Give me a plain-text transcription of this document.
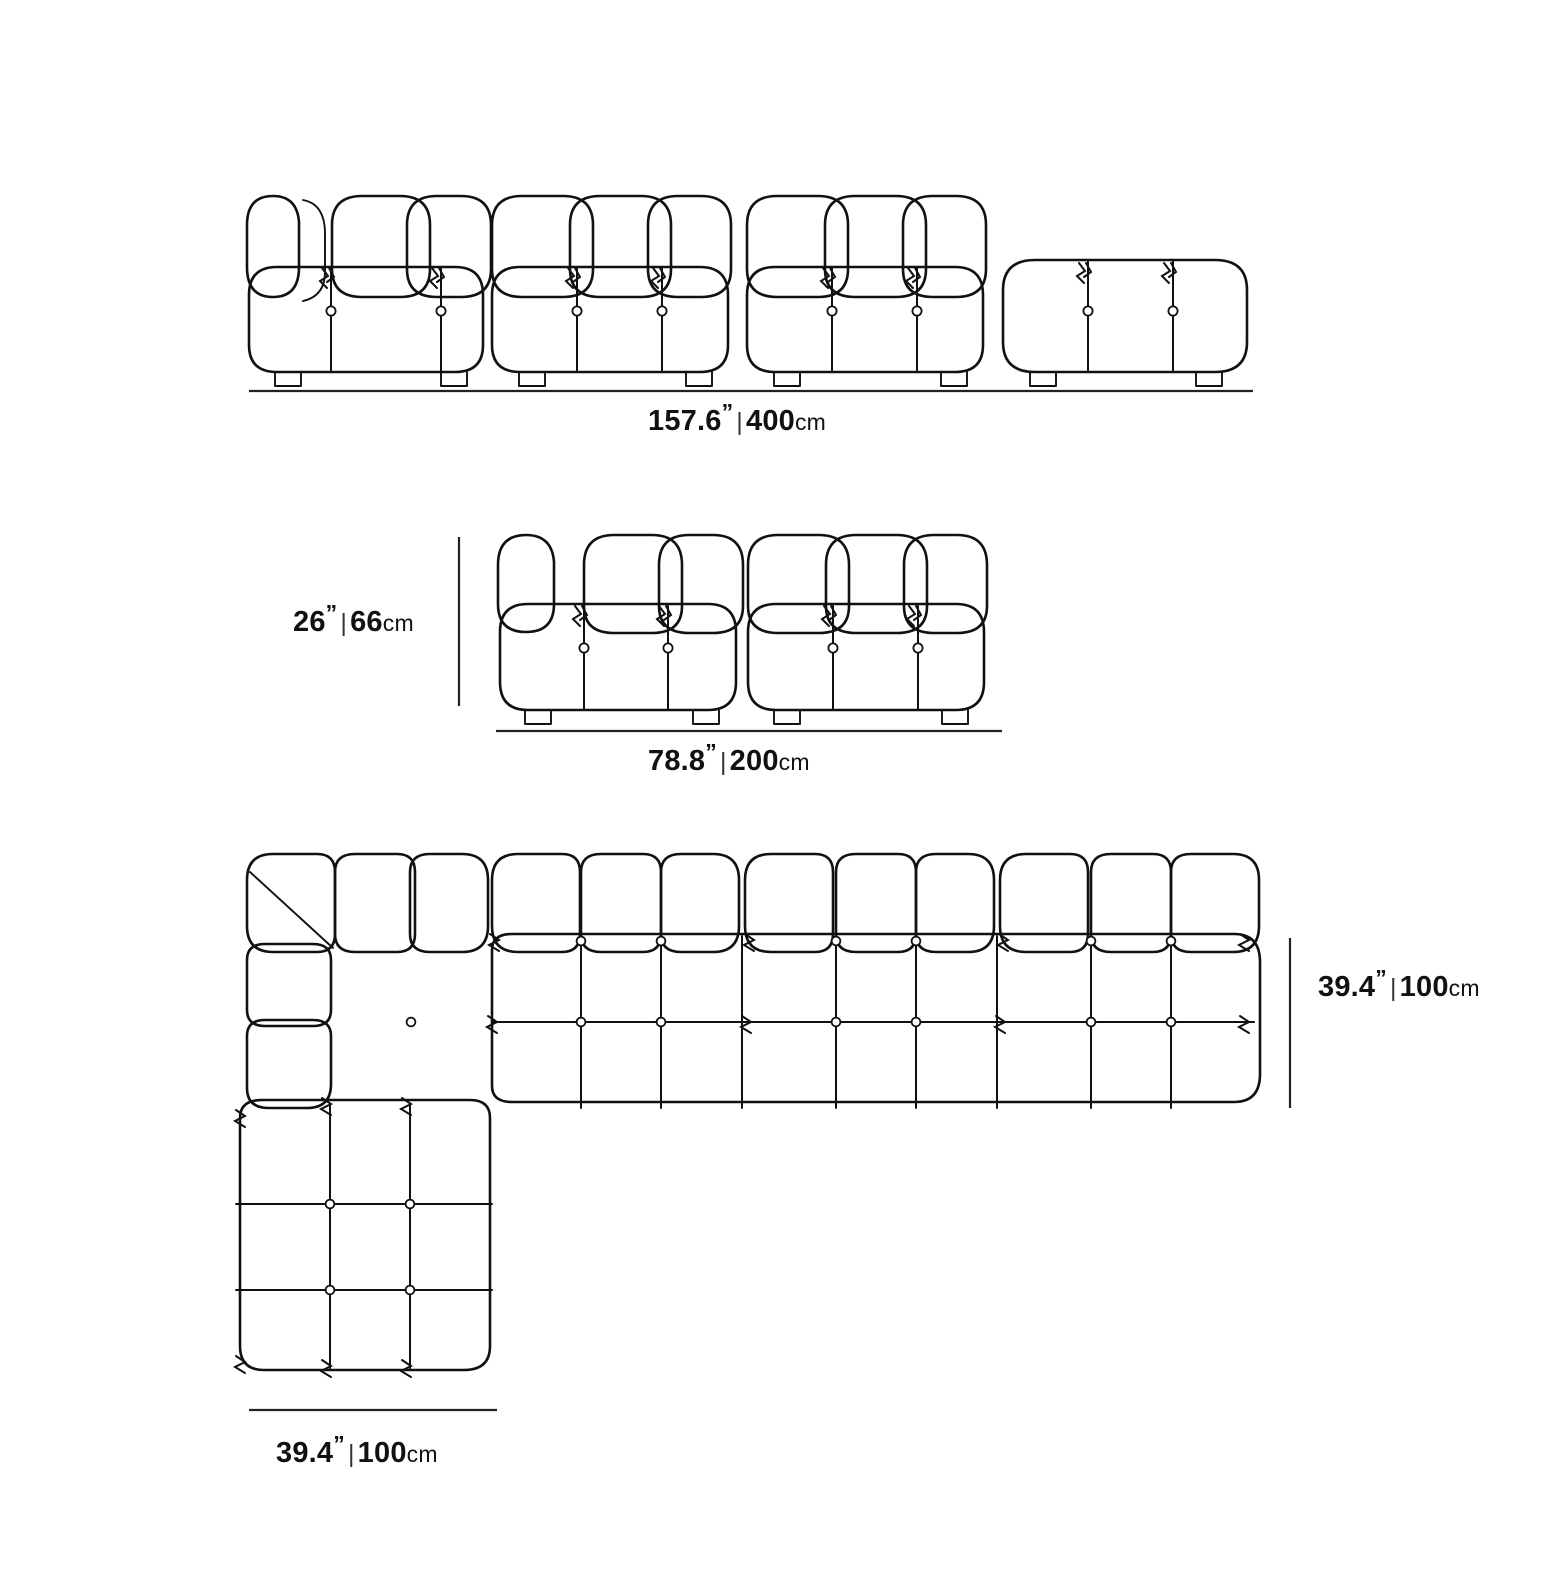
157.6” | 400cm
26” | 66cm
78.8” | 200cm
39.4” | 100cm
39.4” | 100cm
